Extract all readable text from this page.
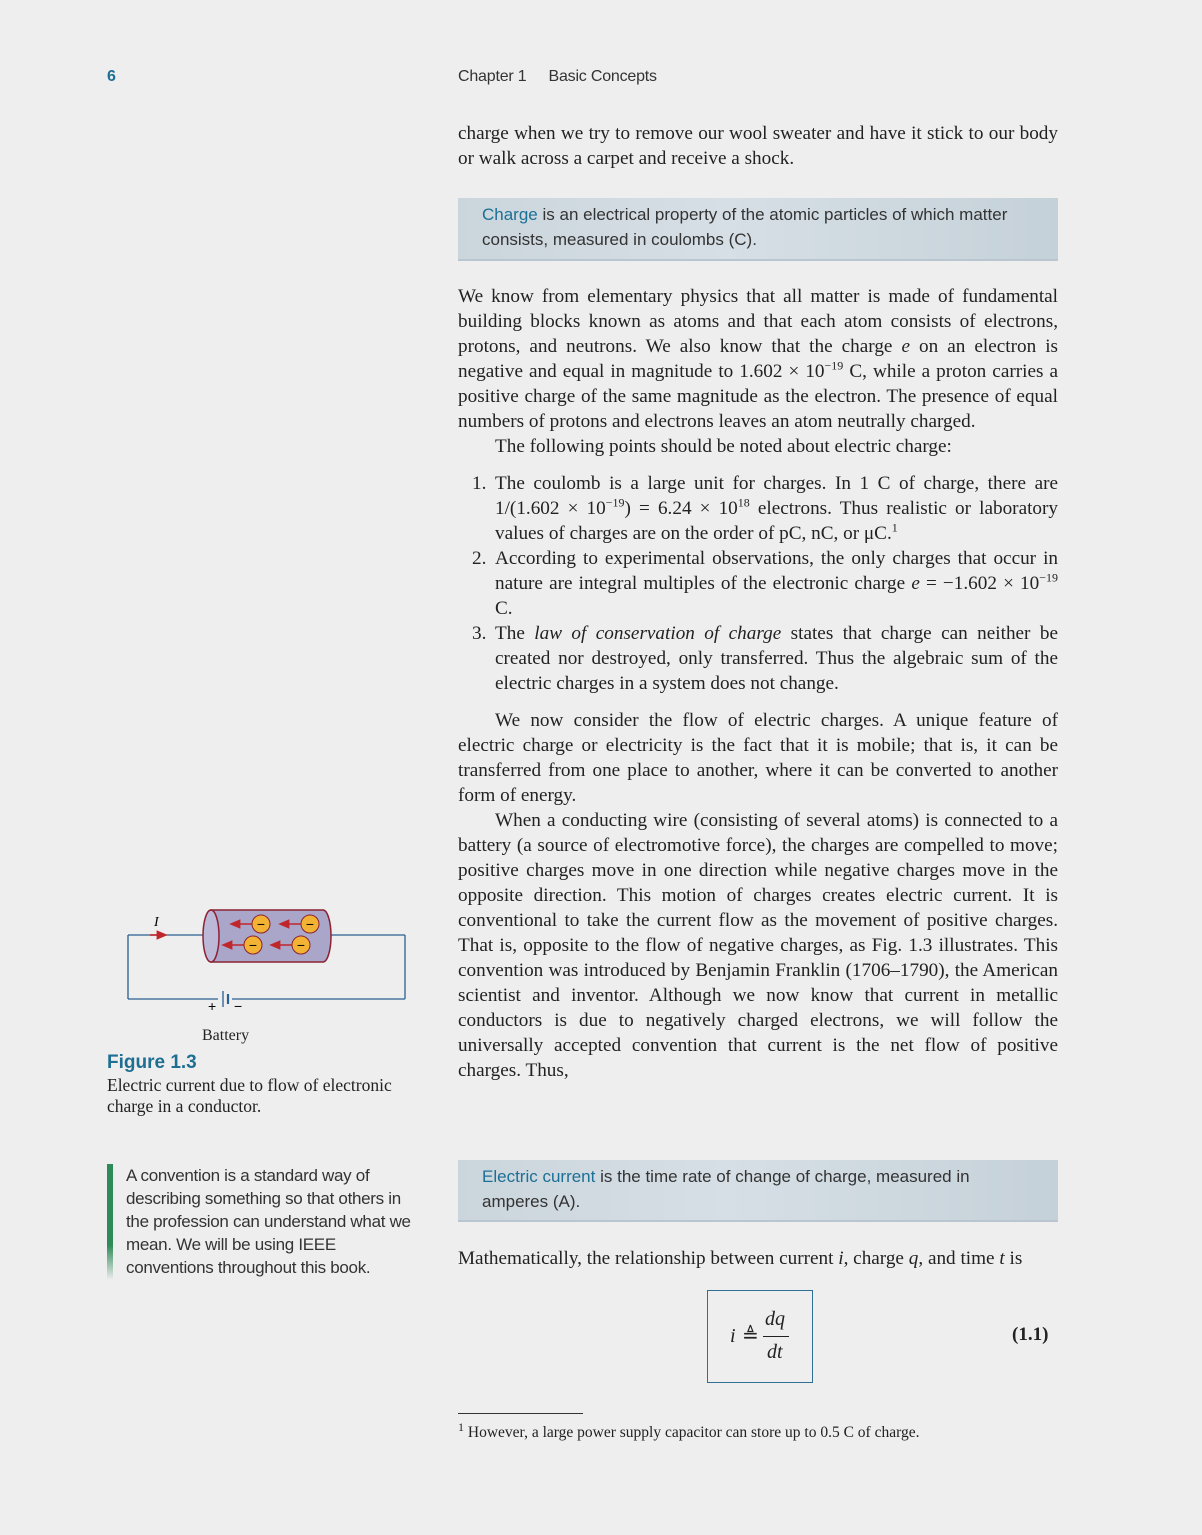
6	Chapter 1 Basic Concepts

charge when we try to remove our wool sweater and have it stick to our body or walk across a carpet and receive a shock.

Charge is an electrical property of the atomic particles of which matter consists, measured in coulombs (C).

We know from elementary physics that all matter is made of fundamental building blocks known as atoms and that each atom consists of electrons, protons, and neutrons. We also know that the charge e on an electron is negative and equal in magnitude to $1.602 \times 10^{-19}$ C, while a proton carries a positive charge of the same magnitude as the electron. The presence of equal numbers of protons and electrons leaves an atom neutrally charged.

The following points should be noted about electric charge:

1. The coulomb is a large unit for charges. In 1 C of charge, there are $1/(1.602 \times 10^{-19}) = 6.24 \times 10^{18}$ electrons. Thus realistic or laboratory values of charges are on the order of pC, nC, or μC.$^1$
2. According to experimental observations, the only charges that occur in nature are integral multiples of the electronic charge $e = -1.602 \times 10^{-19}$ C.
3. The law of conservation of charge states that charge can neither be created nor destroyed, only transferred. Thus the algebraic sum of the electric charges in a system does not change.

We now consider the flow of electric charges. A unique feature of electric charge or electricity is the fact that it is mobile; that is, it can be transferred from one place to another, where it can be converted to another form of energy.

When a conducting wire (consisting of several atoms) is connected to a battery (a source of electromotive force), the charges are compelled to move; positive charges move in one direction while negative charges move in the opposite direction. This motion of charges creates electric current. It is conventional to take the current flow as the movement of positive charges. That is, opposite to the flow of negative charges, as Fig. 1.3 illustrates. This convention was introduced by Benjamin Franklin (1706–1790), the American scientist and inventor. Although we now know that current in metallic conductors is due to negatively charged electrons, we will follow the universally accepted convention that current is the net flow of positive charges. Thus,

Electric current is the time rate of change of charge, measured in amperes (A).

Mathematically, the relationship between current i, charge q, and time t is

i ≜
dq
dt
(1.1)
$^1$ However, a large power supply capacitor can store up to 0.5 C of charge.
I	−	−
−	−
+ −
Battery
Figure 1.3
Electric current due to flow of electronic charge in a conductor.
A convention is a standard way of describing something so that others in the profession can understand what we mean. We will be using IEEE conventions throughout this book.
